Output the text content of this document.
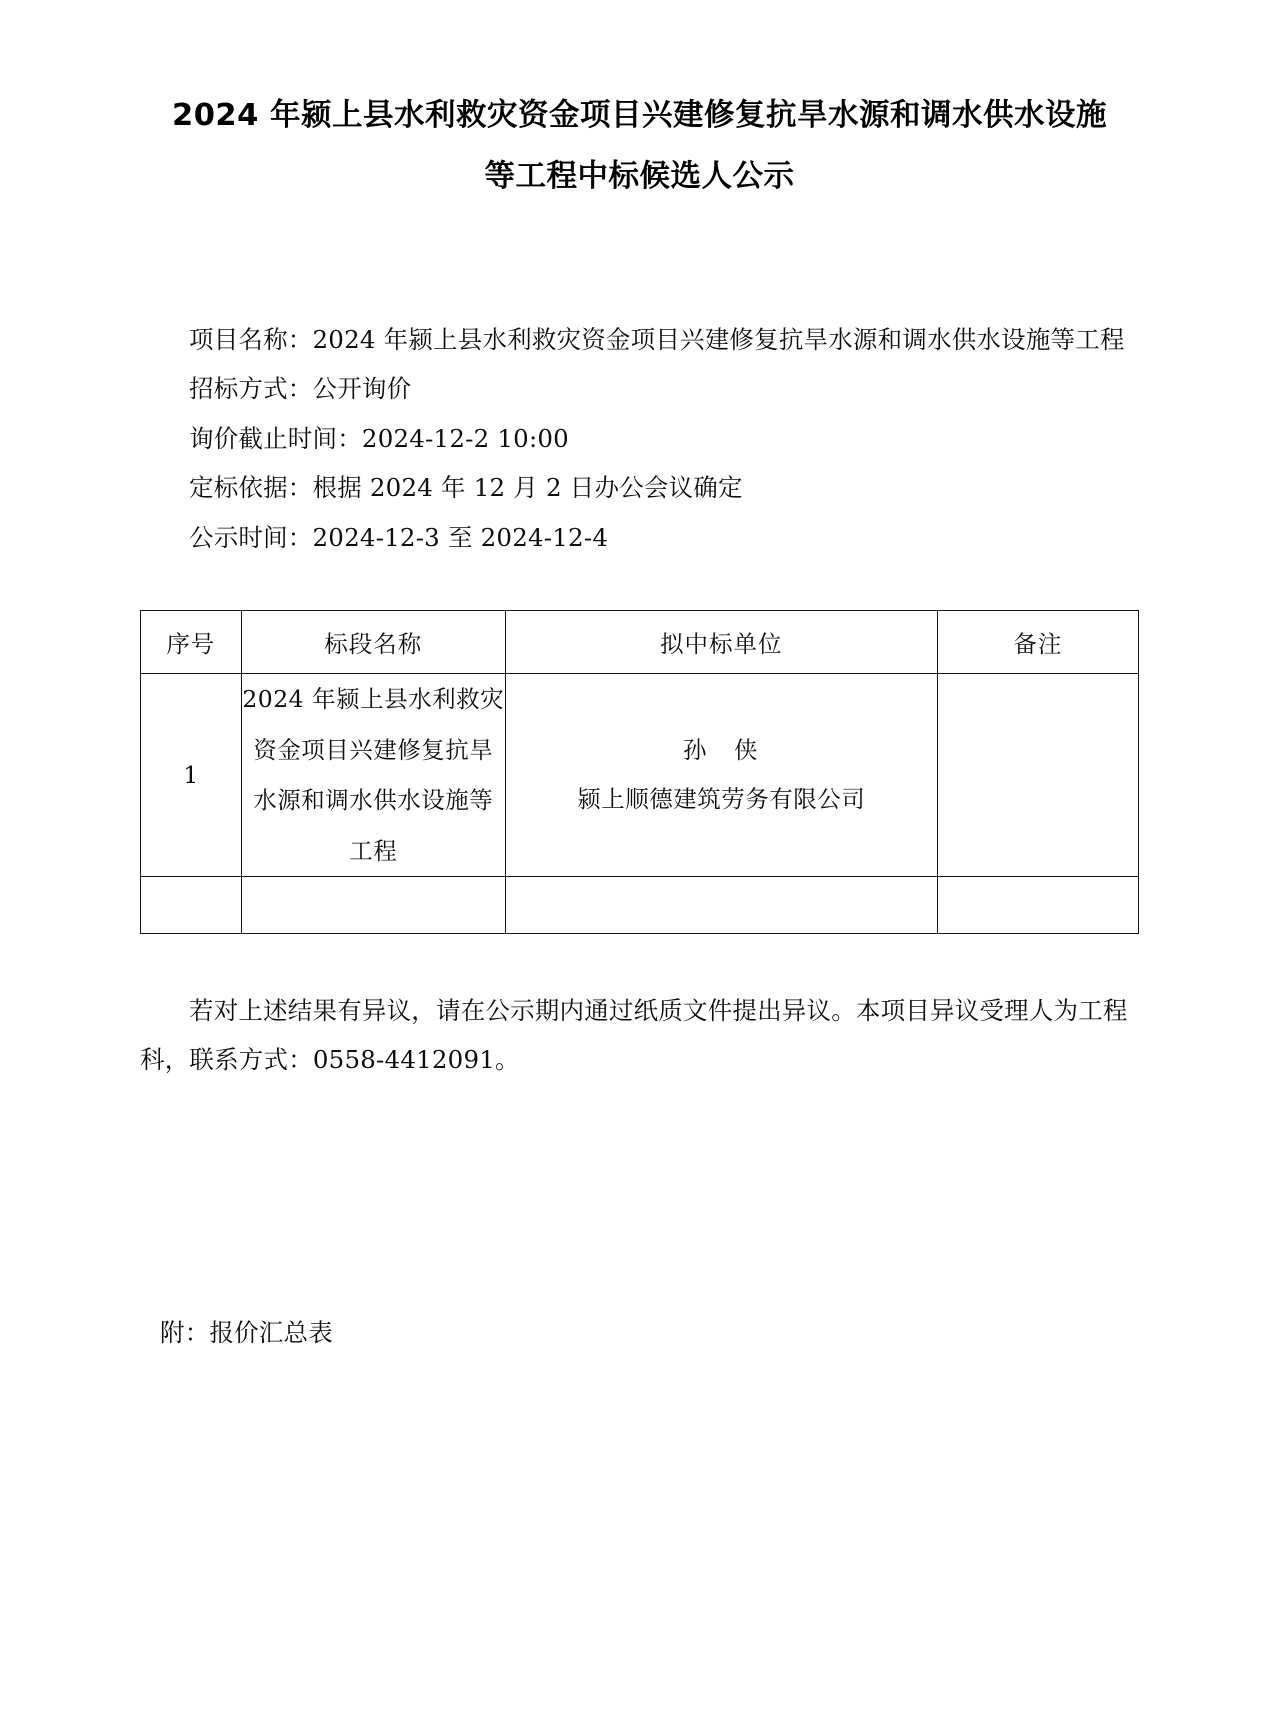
2024 年颍上县水利救灾资金项目兴建修复抗旱水源和调水供水设施
等工程中标候选人公示
项目名称：2024 年颍上县水利救灾资金项目兴建修复抗旱水源和调水供水设施等工程
招标方式：公开询价
询价截止时间：2024-12-2 10:00
定标依据：根据 2024 年 12 月 2 日办公会议确定
公示时间：2024-12-3 至 2024-12-4
序号	标段名称	拟中标单位	备注
1	2024 年颍上县水利救灾资金项目兴建修复抗旱水源和调水供水设施等工程	孙 侠
颍上顺德建筑劳务有限公司	

若对上述结果有异议，请在公示期内通过纸质文件提出异议。本项目异议受理人为工程科，联系方式：0558-4412091。

附：报价汇总表
